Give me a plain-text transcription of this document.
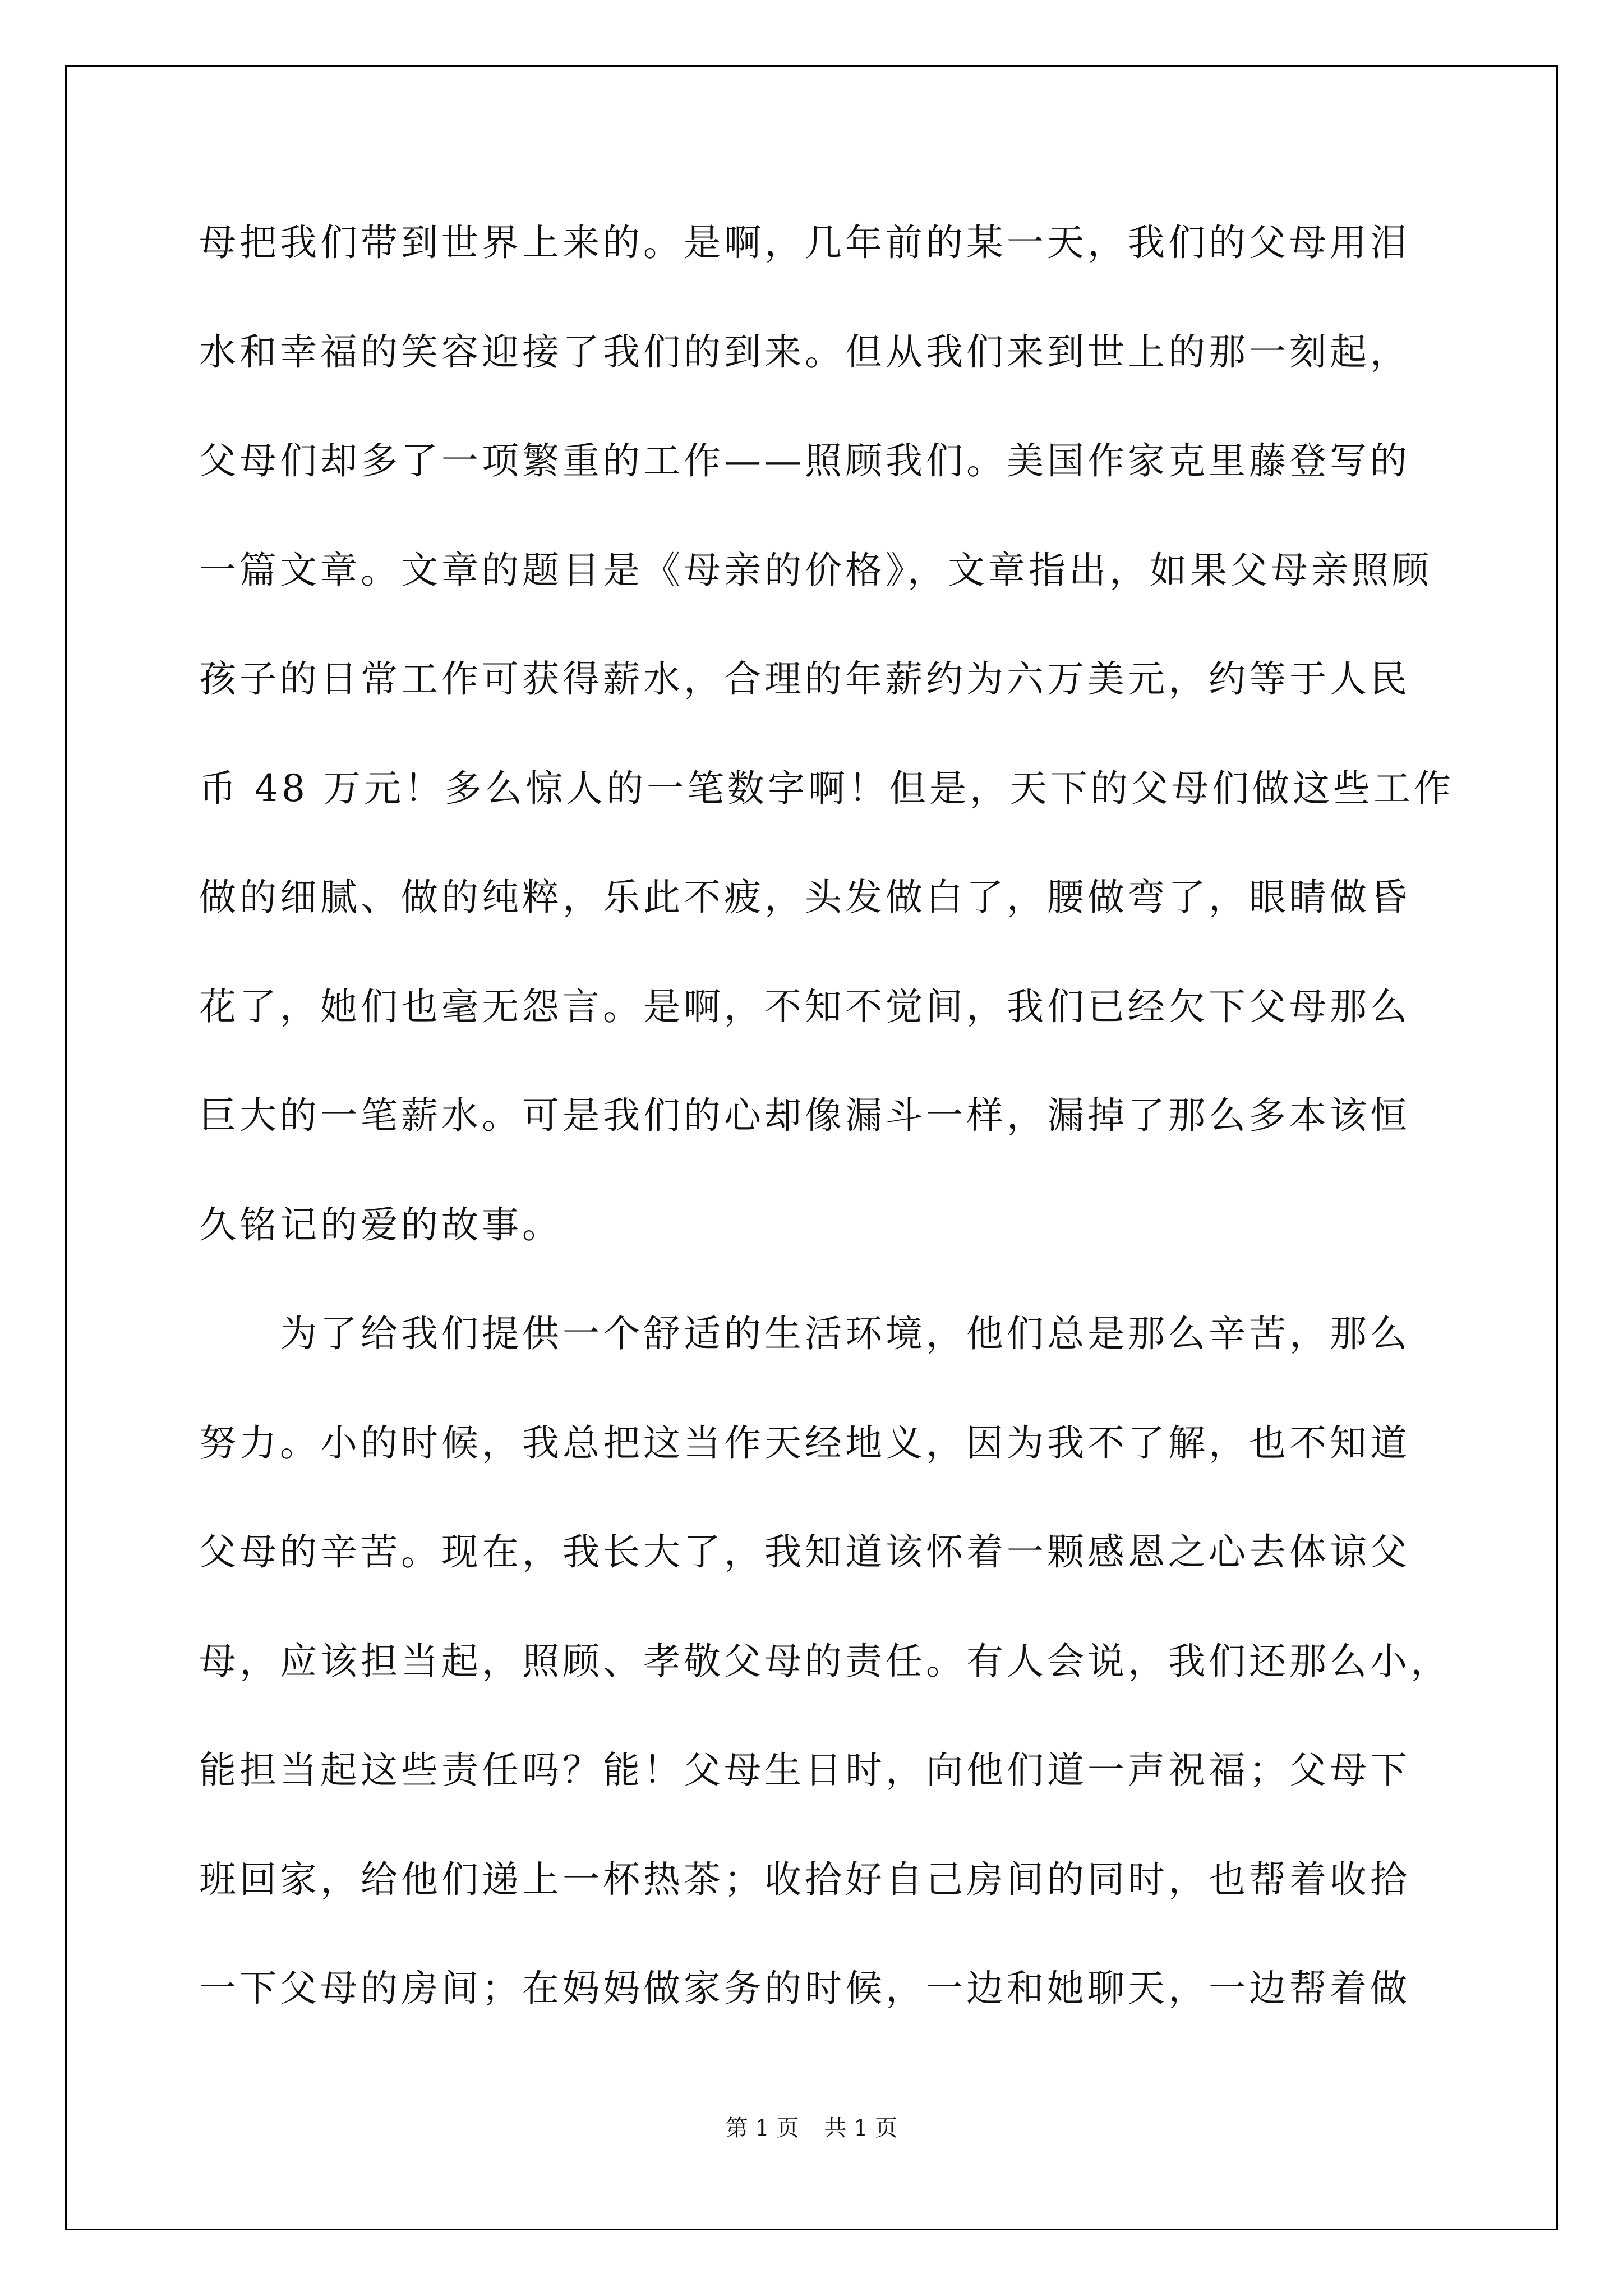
母把我们带到世界上来的。是啊，几年前的某一天，我们的父母用泪
水和幸福的笑容迎接了我们的到来。但从我们来到世上的那一刻起，
父母们却多了一项繁重的工作——照顾我们。美国作家克里藤登写的
一篇文章。文章的题目是《母亲的价格》，文章指出，如果父母亲照顾
孩子的日常工作可获得薪水，合理的年薪约为六万美元，约等于人民
币 48 万元！多么惊人的一笔数字啊！但是，天下的父母们做这些工作
做的细腻、做的纯粹，乐此不疲，头发做白了，腰做弯了，眼睛做昏
花了，她们也毫无怨言。是啊，不知不觉间，我们已经欠下父母那么
巨大的一笔薪水。可是我们的心却像漏斗一样，漏掉了那么多本该恒
久铭记的爱的故事。
　　为了给我们提供一个舒适的生活环境，他们总是那么辛苦，那么
努力。小的时候，我总把这当作天经地义，因为我不了解，也不知道
父母的辛苦。现在，我长大了，我知道该怀着一颗感恩之心去体谅父
母，应该担当起，照顾、孝敬父母的责任。有人会说，我们还那么小，
能担当起这些责任吗？能！父母生日时，向他们道一声祝福；父母下
班回家，给他们递上一杯热茶；收拾好自己房间的同时，也帮着收拾
一下父母的房间；在妈妈做家务的时候，一边和她聊天，一边帮着做
第 1 页 共 1 页
